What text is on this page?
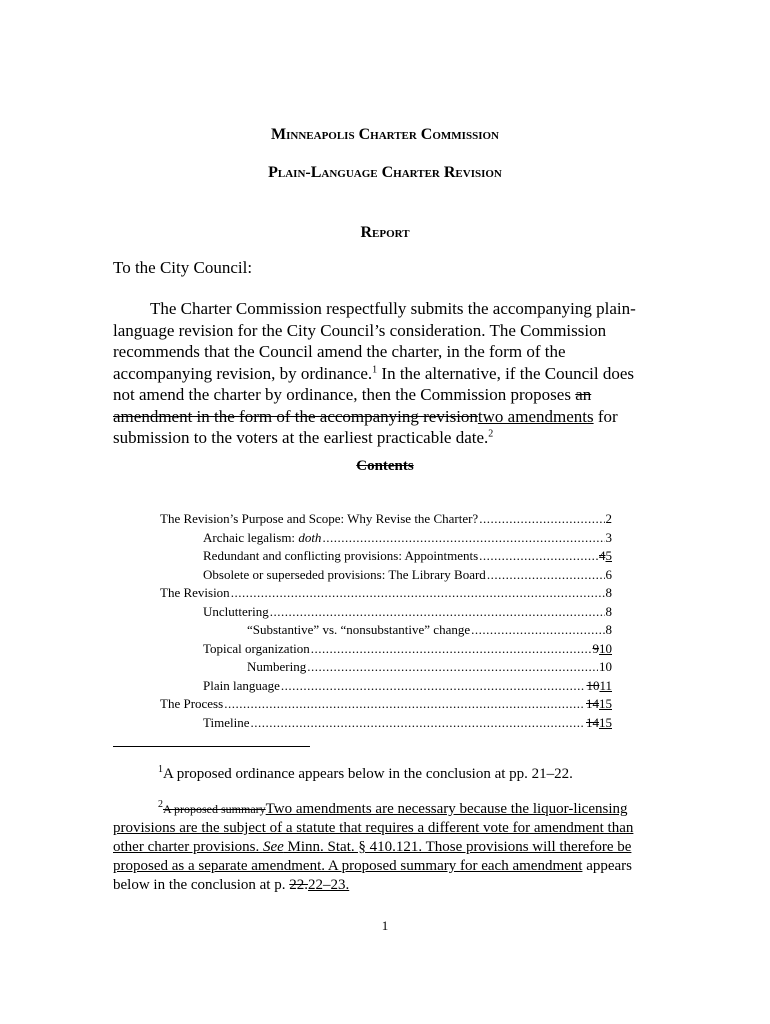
Minneapolis Charter Commission
Plain-Language Charter Revision
Report
To the City Council:
The Charter Commission respectfully submits the accompanying plain-language revision for the City Council’s consideration. The Commission recommends that the Council amend the charter, in the form of the accompanying revision, by ordinance.$^1$ In the alternative, if the Council does not amend the charter by ordinance, then the Commission proposes an amendment in the form of the accompanying revisiontwo amendments for submission to the voters at the earliest practicable date.$^2$
Contents
The Revision’s Purpose and Scope: Why Revise the Charter? .....	2
Archaic legalism: doth .....	3
Redundant and conflicting provisions: Appointments .....	45
Obsolete or superseded provisions: The Library Board .....	6
The Revision .....	8
Uncluttering .....	8
“Substantive” vs. “nonsubstantive” change .....	8
Topical organization .....	910
Numbering .....	10
Plain language .....	1011
The Process .....	1415
Timeline .....	1415
$^1$A proposed ordinance appears below in the conclusion at pp. 21–22.
$^2$A proposed summaryTwo amendments are necessary because the liquor-licensing provisions are the subject of a statute that requires a different vote for amendment than other charter provisions. See Minn. Stat. § 410.121. Those provisions will therefore be proposed as a separate amendment. A proposed summary for each amendment appears below in the conclusion at p. 22.22–23.
1
